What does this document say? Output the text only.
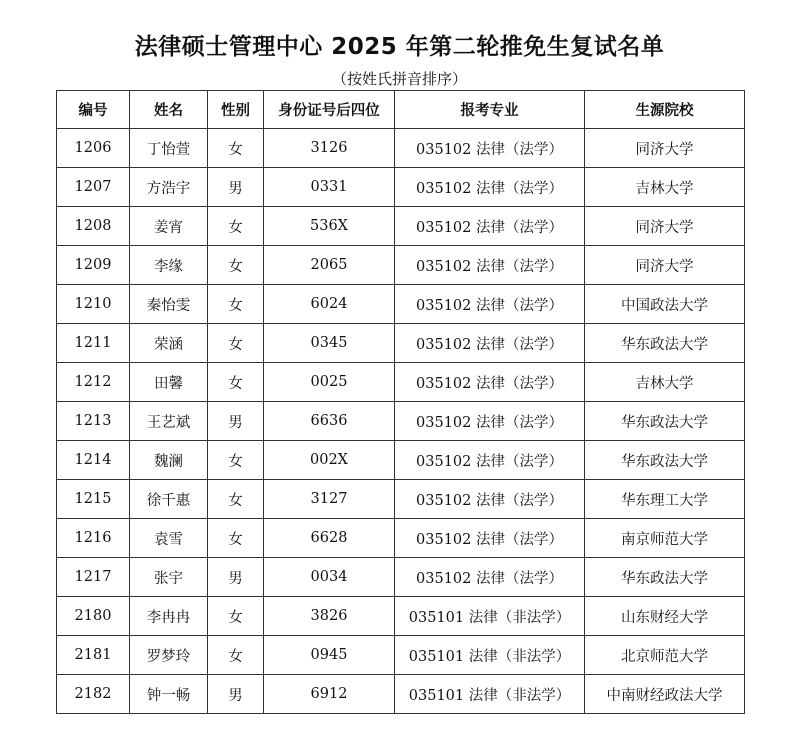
法律硕士管理中心 2025 年第二轮推免生复试名单
（按姓氏拼音排序）
编号	姓名	性别	身份证号后四位	报考专业	生源院校
1206	丁怡萱	女	3126	035102 法律（法学）	同济大学
1207	方浩宇	男	0331	035102 法律（法学）	吉林大学
1208	姜宵	女	536X	035102 法律（法学）	同济大学
1209	李缘	女	2065	035102 法律（法学）	同济大学
1210	秦怡雯	女	6024	035102 法律（法学）	中国政法大学
1211	荣涵	女	0345	035102 法律（法学）	华东政法大学
1212	田馨	女	0025	035102 法律（法学）	吉林大学
1213	王艺斌	男	6636	035102 法律（法学）	华东政法大学
1214	魏澜	女	002X	035102 法律（法学）	华东政法大学
1215	徐千惠	女	3127	035102 法律（法学）	华东理工大学
1216	袁雪	女	6628	035102 法律（法学）	南京师范大学
1217	张宇	男	0034	035102 法律（法学）	华东政法大学
2180	李冉冉	女	3826	035101 法律（非法学）	山东财经大学
2181	罗梦玲	女	0945	035101 法律（非法学）	北京师范大学
2182	钟一畅	男	6912	035101 法律（非法学）	中南财经政法大学
